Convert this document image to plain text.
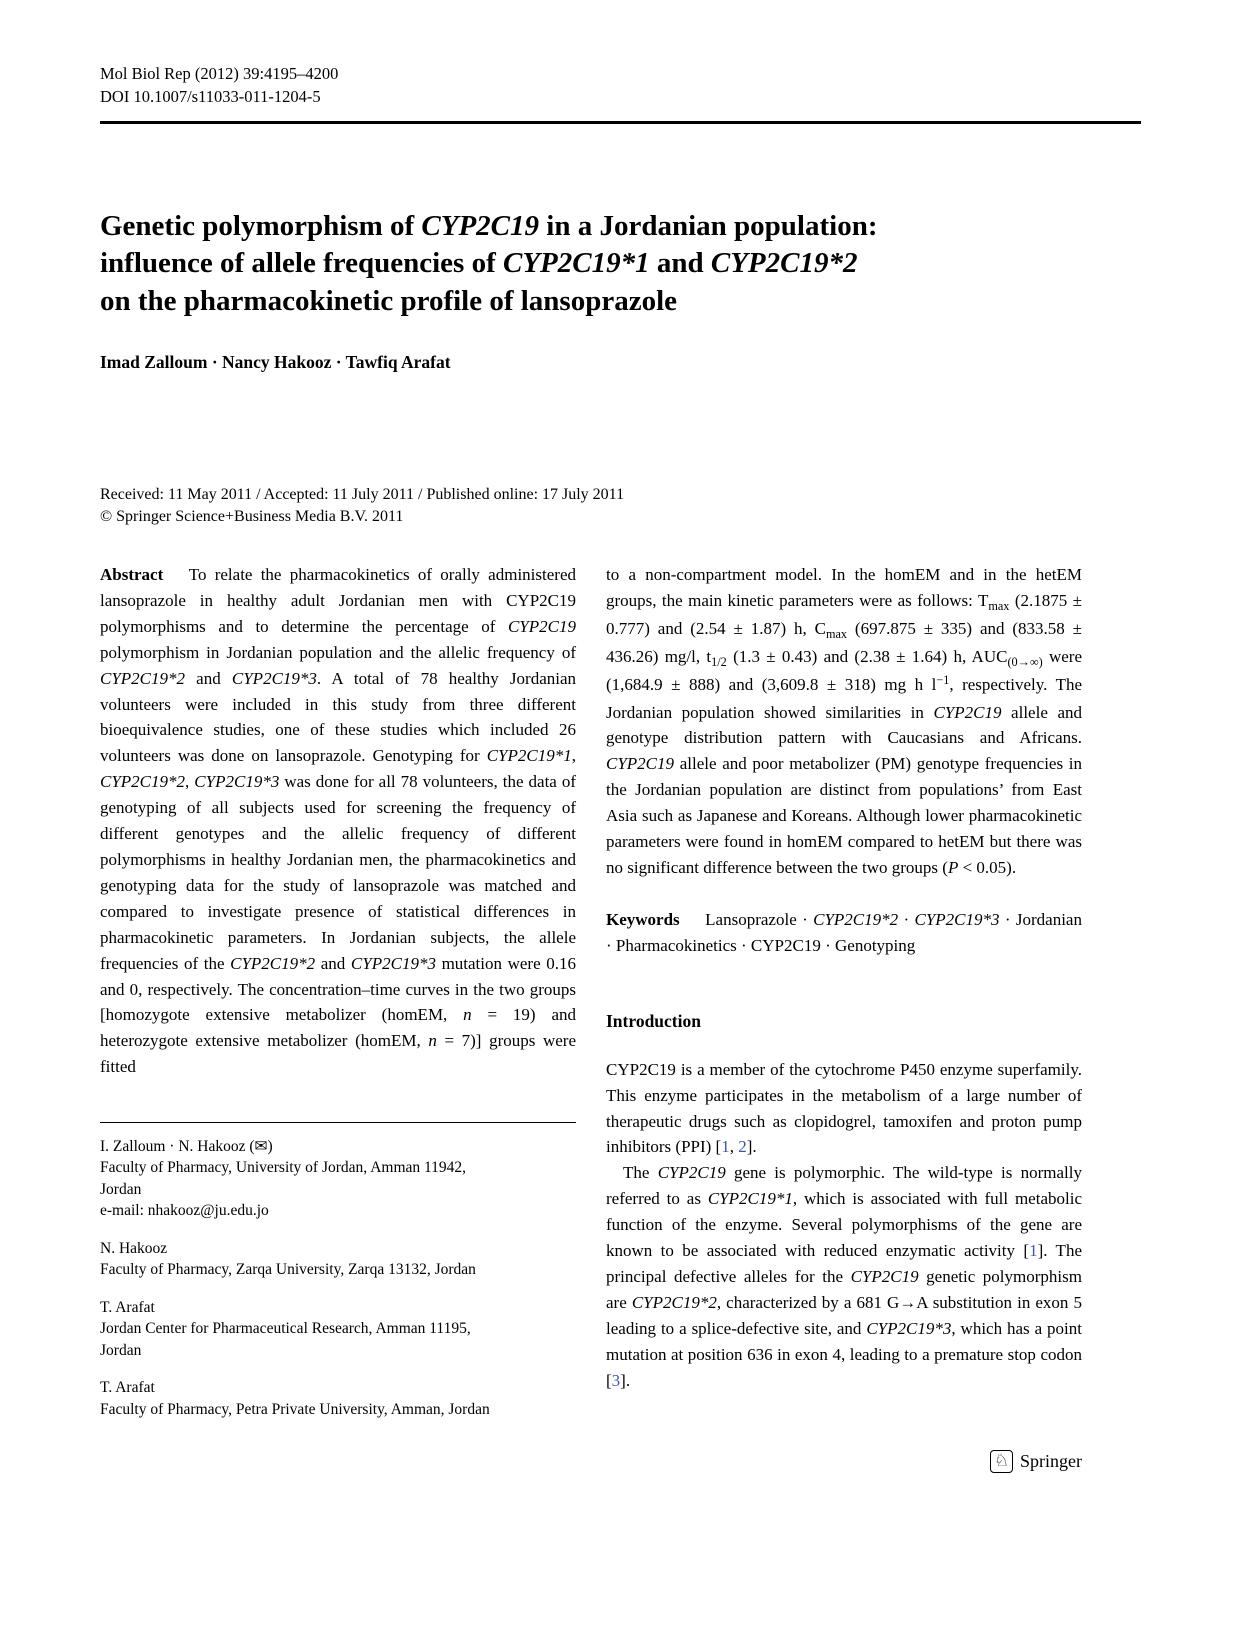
Mol Biol Rep (2012) 39:4195–4200
DOI 10.1007/s11033-011-1204-5
Genetic polymorphism of CYP2C19 in a Jordanian population:
influence of allele frequencies of CYP2C19*1 and CYP2C19*2
on the pharmacokinetic profile of lansoprazole
Imad Zalloum · Nancy Hakooz · Tawfiq Arafat
Received: 11 May 2011 / Accepted: 11 July 2011 / Published online: 17 July 2011
© Springer Science+Business Media B.V. 2011

Abstract  To relate the pharmacokinetics of orally administered lansoprazole in healthy adult Jordanian men with CYP2C19 polymorphisms and to determine the percentage of CYP2C19 polymorphism in Jordanian population and the allelic frequency of CYP2C19*2 and CYP2C19*3. A total of 78 healthy Jordanian volunteers were included in this study from three different bioequivalence studies, one of these studies which included 26 volunteers was done on lansoprazole. Genotyping for CYP2C19*1, CYP2C19*2, CYP2C19*3 was done for all 78 volunteers, the data of genotyping of all subjects used for screening the frequency of different genotypes and the allelic frequency of different polymorphisms in healthy Jordanian men, the pharmacokinetics and genotyping data for the study of lansoprazole was matched and compared to investigate presence of statistical differences in pharmacokinetic parameters. In Jordanian subjects, the allele frequencies of the CYP2C19*2 and CYP2C19*3 mutation were 0.16 and 0, respectively. The concentration–time curves in the two groups [homozygote extensive metabolizer (homEM, n = 19) and heterozygote extensive metabolizer (homEM, n = 7)] groups were fitted

I. Zalloum · N. Hakooz (✉)
Faculty of Pharmacy, University of Jordan, Amman 11942,
Jordan
e-mail: nhakooz@ju.edu.jo
N. Hakooz
Faculty of Pharmacy, Zarqa University, Zarqa 13132, Jordan
T. Arafat
Jordan Center for Pharmaceutical Research, Amman 11195,
Jordan
T. Arafat
Faculty of Pharmacy, Petra Private University, Amman, Jordan

to a non-compartment model. In the homEM and in the hetEM groups, the main kinetic parameters were as follows: $T_{max}$ (2.1875 ± 0.777) and (2.54 ± 1.87) h, $C_{max}$ (697.875 ± 335) and (833.58 ± 436.26) mg/l, $t_{1/2}$ (1.3 ± 0.43) and (2.38 ± 1.64) h, $AUC_{(0\to\infty)}$ were (1,684.9 ± 888) and (3,609.8 ± 318) mg h $l^{-1}$, respectively. The Jordanian population showed similarities in CYP2C19 allele and genotype distribution pattern with Caucasians and Africans. CYP2C19 allele and poor metabolizer (PM) genotype frequencies in the Jordanian population are distinct from populations’ from East Asia such as Japanese and Koreans. Although lower pharmacokinetic parameters were found in homEM compared to hetEM but there was no significant difference between the two groups (P < 0.05).

Keywords  Lansoprazole · CYP2C19*2 · CYP2C19*3 · Jordanian · Pharmacokinetics · CYP2C19 · Genotyping

Introduction

CYP2C19 is a member of the cytochrome P450 enzyme superfamily. This enzyme participates in the metabolism of a large number of therapeutic drugs such as clopidogrel, tamoxifen and proton pump inhibitors (PPI) [1, 2].

The CYP2C19 gene is polymorphic. The wild-type is normally referred to as CYP2C19*1, which is associated with full metabolic function of the enzyme. Several polymorphisms of the gene are known to be associated with reduced enzymatic activity [1]. The principal defective alleles for the CYP2C19 genetic polymorphism are CYP2C19*2, characterized by a 681 G→A substitution in exon 5 leading to a splice-defective site, and CYP2C19*3, which has a point mutation at position 636 in exon 4, leading to a premature stop codon [3].

♘ Springer
